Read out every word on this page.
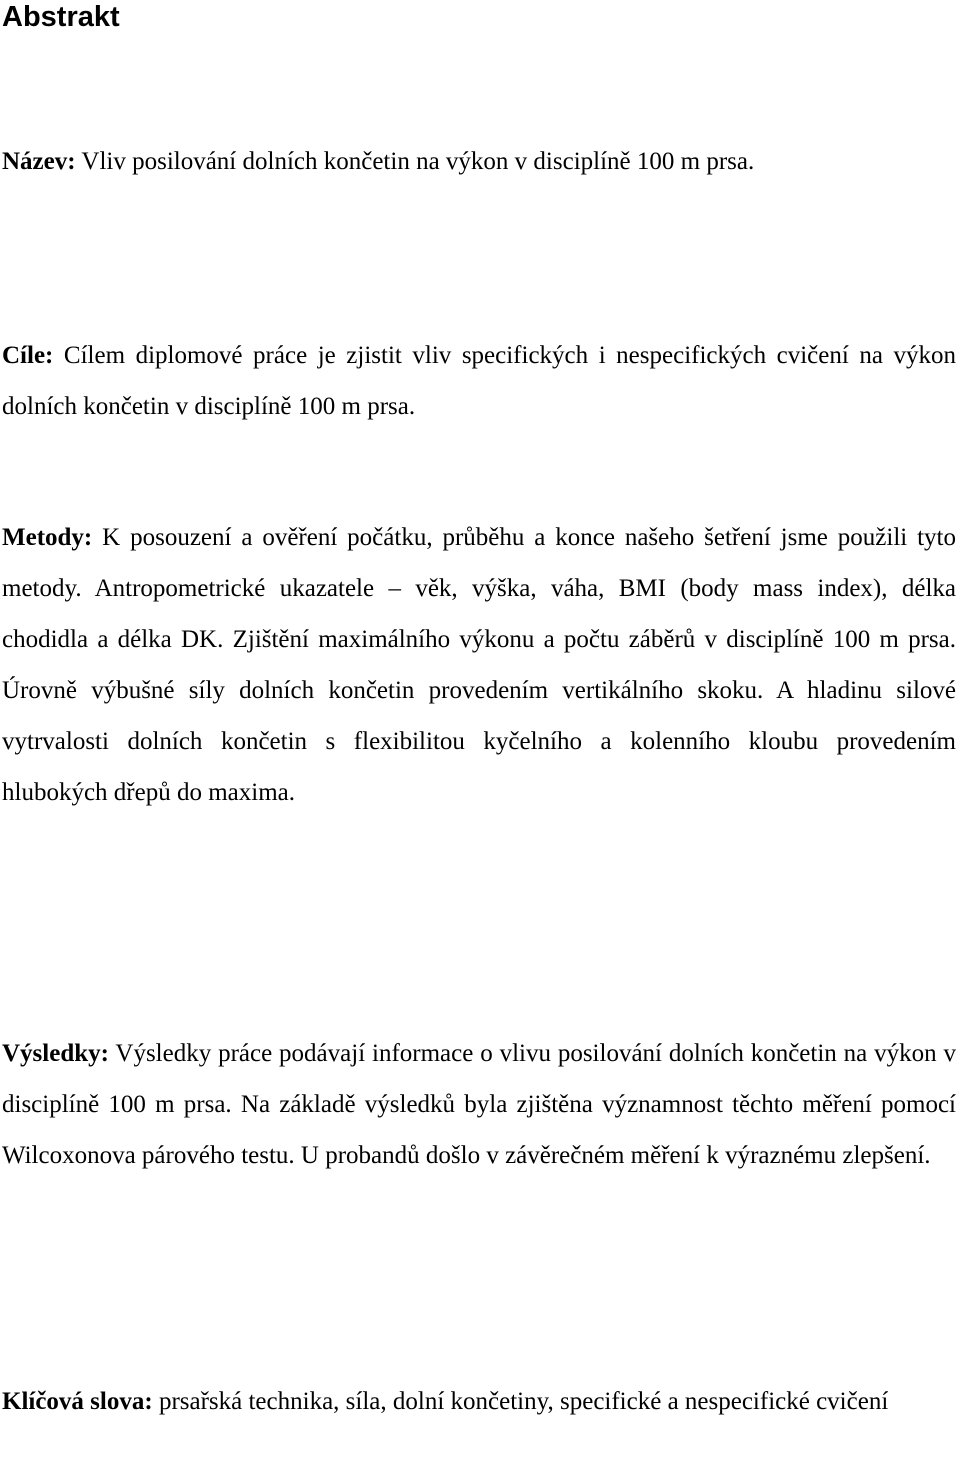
Abstrakt

Název: Vliv posilování dolních končetin na výkon v disciplíně 100 m prsa.

Cíle: Cílem diplomové práce je zjistit vliv specifických i nespecifických cvičení na výkon dolních končetin v disciplíně 100 m prsa.

Metody: K posouzení a ověření počátku, průběhu a konce našeho šetření jsme použili tyto metody. Antropometrické ukazatele – věk, výška, váha, BMI (body mass index), délka chodidla a délka DK. Zjištění maximálního výkonu a počtu záběrů v disciplíně 100 m prsa. Úrovně výbušné síly dolních končetin provedením vertikálního skoku. A hladinu silové vytrvalosti dolních končetin s flexibilitou kyčelního a kolenního kloubu provedením hlubokých dřepů do maxima.

Výsledky: Výsledky práce podávají informace o vlivu posilování dolních končetin na výkon v disciplíně 100 m prsa. Na základě výsledků byla zjištěna významnost těchto měření pomocí Wilcoxonova párového testu. U probandů došlo v závěrečném měření k výraznému zlepšení.

Klíčová slova: prsařská technika, síla, dolní končetiny, specifické a nespecifické cvičení
